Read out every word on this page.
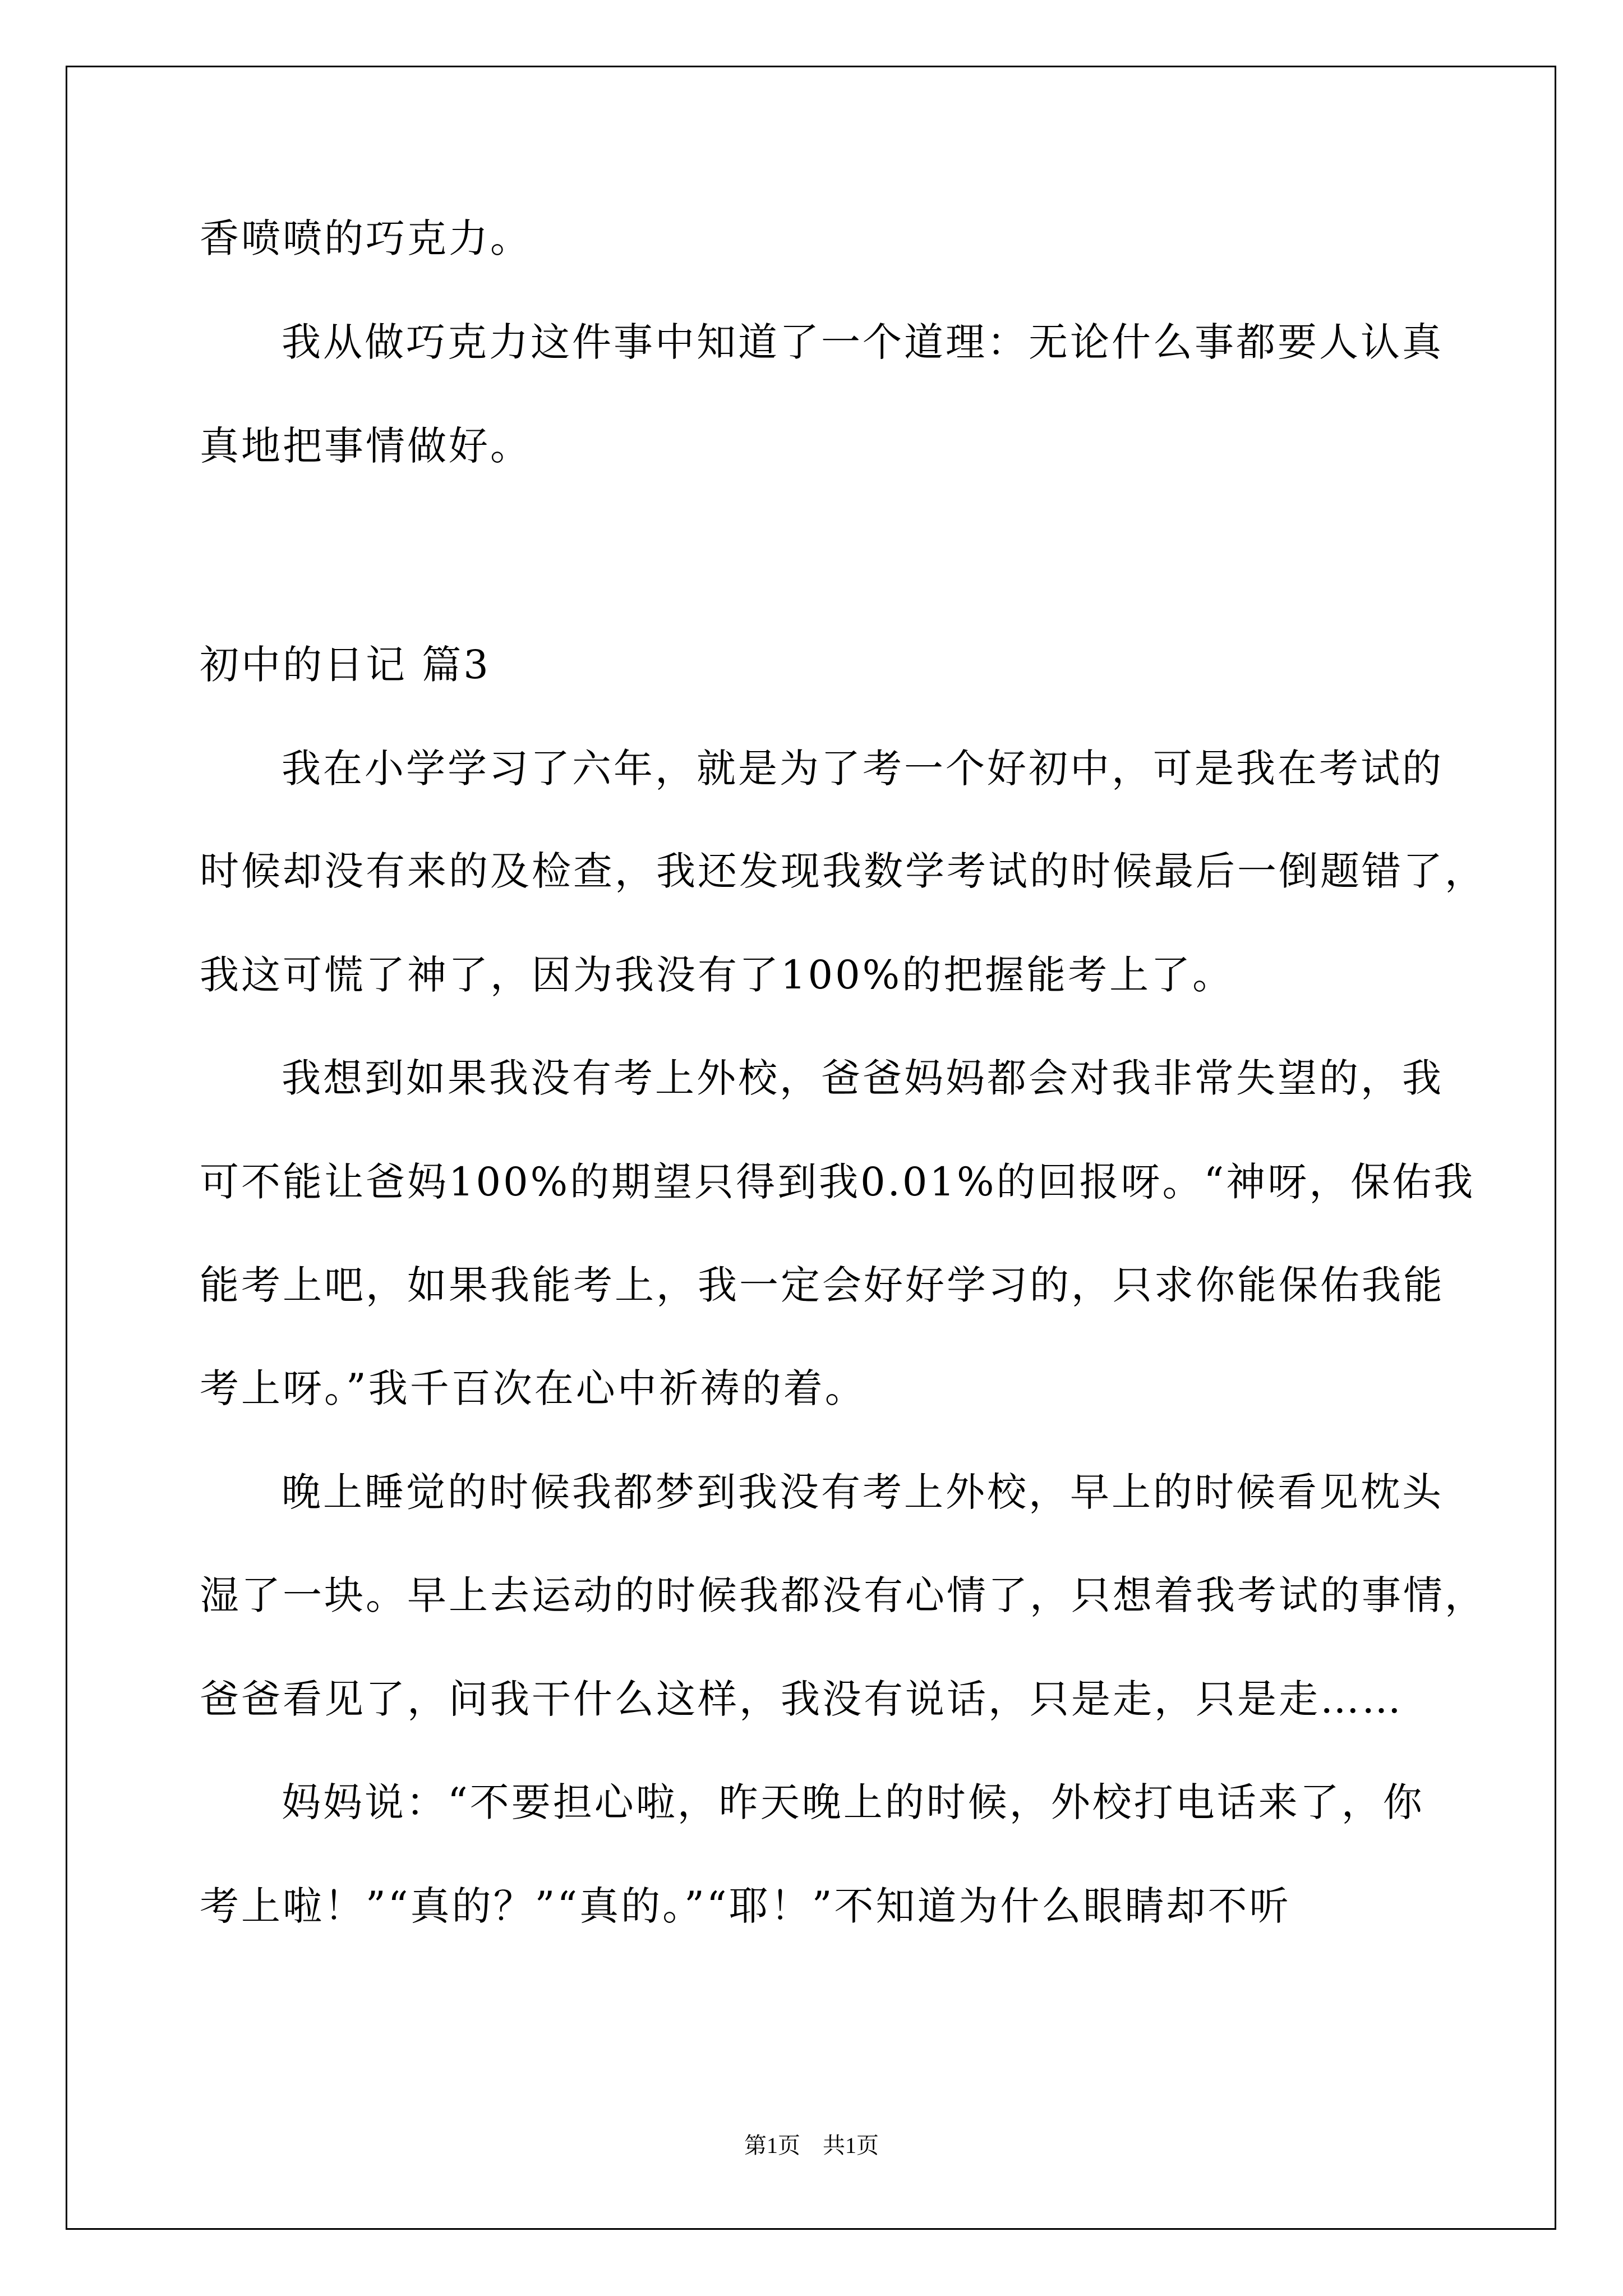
香喷喷的巧克力。
我从做巧克力这件事中知道了一个道理：无论什么事都要人认真
真地把事情做好。
初中的日记 篇3
我在小学学习了六年，就是为了考一个好初中，可是我在考试的
时候却没有来的及检查，我还发现我数学考试的时候最后一倒题错了，
我这可慌了神了，因为我没有了100%的把握能考上了。
我想到如果我没有考上外校，爸爸妈妈都会对我非常失望的，我
可不能让爸妈100%的期望只得到我0.01%的回报呀。“神呀，保佑我
能考上吧，如果我能考上，我一定会好好学习的，只求你能保佑我能
考上呀。”我千百次在心中祈祷的着。
晚上睡觉的时候我都梦到我没有考上外校，早上的时候看见枕头
湿了一块。早上去运动的时候我都没有心情了，只想着我考试的事情，
爸爸看见了，问我干什么这样，我没有说话，只是走，只是走……
妈妈说：“不要担心啦，昨天晚上的时候，外校打电话来了，你
考上啦！”“真的？”“真的。”“耶！”不知道为什么眼睛却不听
第1页　共1页
